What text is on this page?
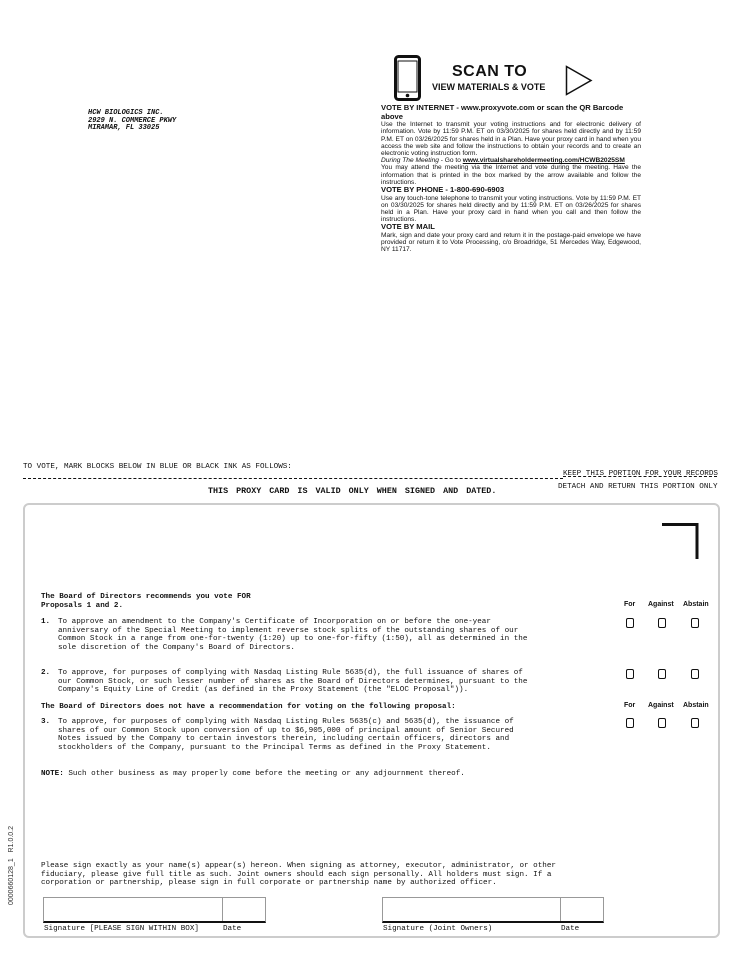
HCW BIOLOGICS INC.
2929 N. COMMERCE PKWY
MIRAMAR, FL 33025
SCAN TO
VIEW MATERIALS & VOTE
VOTE BY INTERNET - www.proxyvote.com or scan the QR Barcode above

Use the Internet to transmit your voting instructions and for electronic delivery of information. Vote by 11:59 P.M. ET on 03/30/2025 for shares held directly and by 11:59 P.M. ET on 03/26/2025 for shares held in a Plan. Have your proxy card in hand when you access the web site and follow the instructions to obtain your records and to create an electronic voting instruction form.

During The Meeting - Go to www.virtualshareholdermeeting.com/HCWB2025SM

You may attend the meeting via the Internet and vote during the meeting. Have the information that is printed in the box marked by the arrow available and follow the instructions.

VOTE BY PHONE - 1-800-690-6903

Use any touch-tone telephone to transmit your voting instructions. Vote by 11:59 P.M. ET on 03/30/2025 for shares held directly and by 11:59 P.M. ET on 03/26/2025 for shares held in a Plan. Have your proxy card in hand when you call and then follow the instructions.

VOTE BY MAIL

Mark, sign and date your proxy card and return it in the postage-paid envelope we have provided or return it to Vote Processing, c/o Broadridge, 51 Mercedes Way, Edgewood, NY 11717.

TO VOTE, MARK BLOCKS BELOW IN BLUE OR BLACK INK AS FOLLOWS:
KEEP THIS PORTION FOR YOUR RECORDS
DETACH AND RETURN THIS PORTION ONLY
THIS PROXY CARD IS VALID ONLY WHEN SIGNED AND DATED.
The Board of Directors recommends you vote FOR
Proposals 1 and 2.	For Against Abstain
1.	To approve an amendment to the Company's Certificate of Incorporation on or before the one-year anniversary of the Special Meeting to implement reverse stock splits of the outstanding shares of our Common Stock in a range from one-for-twenty (1:20) up to one-for-fifty (1:50), all as determined in the sole discretion of the Company's Board of Directors.
2.	To approve, for purposes of complying with Nasdaq Listing Rule 5635(d), the full issuance of shares of our Common Stock, or such lesser number of shares as the Board of Directors determines, pursuant to the Company's Equity Line of Credit (as defined in the Proxy Statement (the "ELOC Proposal")).
The Board of Directors does not have a recommendation for voting on the following proposal:	For Against Abstain
3.	To approve, for purposes of complying with Nasdaq Listing Rules 5635(c) and 5635(d), the issuance of shares of our Common Stock upon conversion of up to $6,905,000 of principal amount of Senior Secured Notes issued by the Company to certain investors therein, including certain officers, directors and stockholders of the Company, pursuant to the Principal Terms as defined in the Proxy Statement.
NOTE: Such other business as may properly come before the meeting or any adjournment thereof.
Please sign exactly as your name(s) appear(s) hereon. When signing as attorney, executor, administrator, or other fiduciary, please give full title as such. Joint owners should each sign personally. All holders must sign. If a corporation or partnership, please sign in full corporate or partnership name by authorized officer.
Signature [PLEASE SIGN WITHIN BOX]	Date	Signature (Joint Owners)	Date
0000660128_1   R1.0.0.2
